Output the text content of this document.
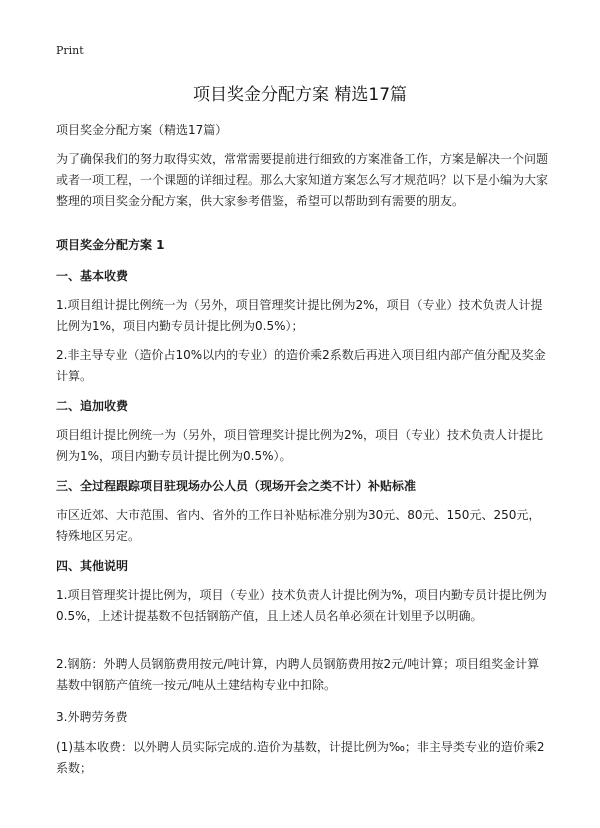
Print
项目奖金分配方案 精选17篇
项目奖金分配方案（精选17篇）
为了确保我们的努力取得实效，常常需要提前进行细致的方案准备工作，方案是解决一个问题或者一项工程，一个课题的详细过程。那么大家知道方案怎么写才规范吗？以下是小编为大家整理的项目奖金分配方案，供大家参考借鉴，希望可以帮助到有需要的朋友。
项目奖金分配方案 1
一、基本收费
1.项目组计提比例统一为（另外，项目管理奖计提比例为2%，项目（专业）技术负责人计提比例为1%，项目内勤专员计提比例为0.5%）；
2.非主导专业（造价占10%以内的专业）的造价乘2系数后再进入项目组内部产值分配及奖金计算。
二、追加收费
项目组计提比例统一为（另外，项目管理奖计提比例为2%，项目（专业）技术负责人计提比例为1%，项目内勤专员计提比例为0.5%）。
三、全过程跟踪项目驻现场办公人员（现场开会之类不计）补贴标准
市区近郊、大市范围、省内、省外的工作日补贴标准分别为30元、80元、150元、250元，特殊地区另定。
四、其他说明
1.项目管理奖计提比例为，项目（专业）技术负责人计提比例为%，项目内勤专员计提比例为0.5%，上述计提基数不包括钢筋产值，且上述人员名单必须在计划里予以明确。
2.钢筋：外聘人员钢筋费用按元/吨计算，内聘人员钢筋费用按2元/吨计算；项目组奖金计算基数中钢筋产值统一按元/吨从土建结构专业中扣除。
3.外聘劳务费
(1)基本收费：以外聘人员实际完成的.造价为基数，计提比例为‰；非主导类专业的造价乘2系数；
